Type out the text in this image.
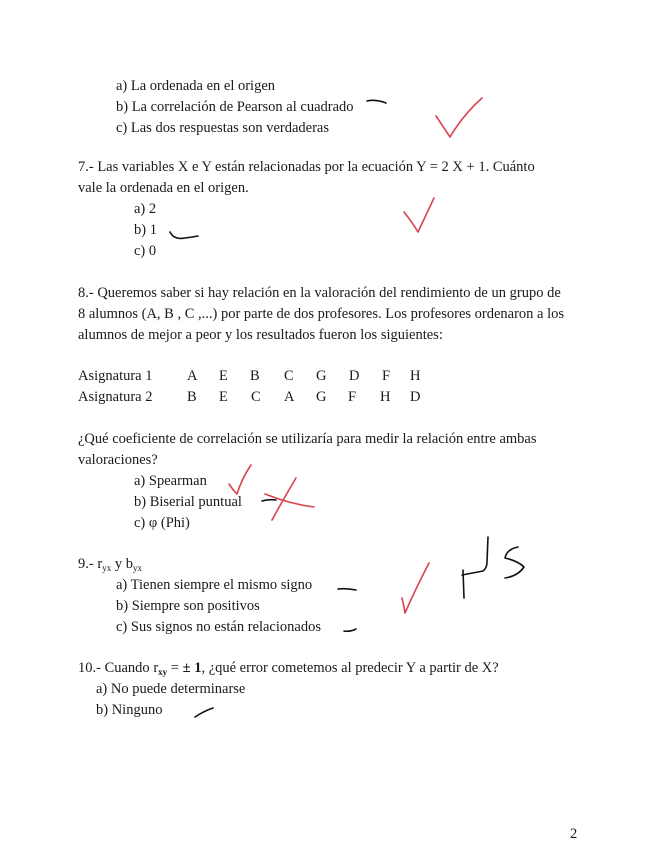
a) La ordenada en el origen
b) La correlación de Pearson al cuadrado
c) Las dos respuestas son verdaderas
7.- Las variables X e Y están relacionadas por la ecuación Y = 2 X + 1. Cuánto
vale la ordenada en el origen.
a) 2
b) 1
c) 0
8.- Queremos saber si hay relación en la valoración del rendimiento de un grupo de
8 alumnos (A, B , C ,...) por parte de dos profesores. Los profesores ordenaron a los
alumnos de mejor a peor y los resultados fueron los siguientes:
Asignatura 1 A E B C G D F H
Asignatura 2 B E C A G F H D
¿Qué coeficiente de correlación se utilizaría para medir la relación entre ambas
valoraciones?
a) Spearman
b) Biserial puntual
c) φ (Phi)
9.- $r_{yx}$ y $b_{yx}$
a) Tienen siempre el mismo signo
b) Siempre son positivos
c) Sus signos no están relacionados
10.- Cuando $r_{xy}$ = ± 1, ¿qué error cometemos al predecir Y a partir de X?
a) No puede determinarse
b) Ninguno
2
